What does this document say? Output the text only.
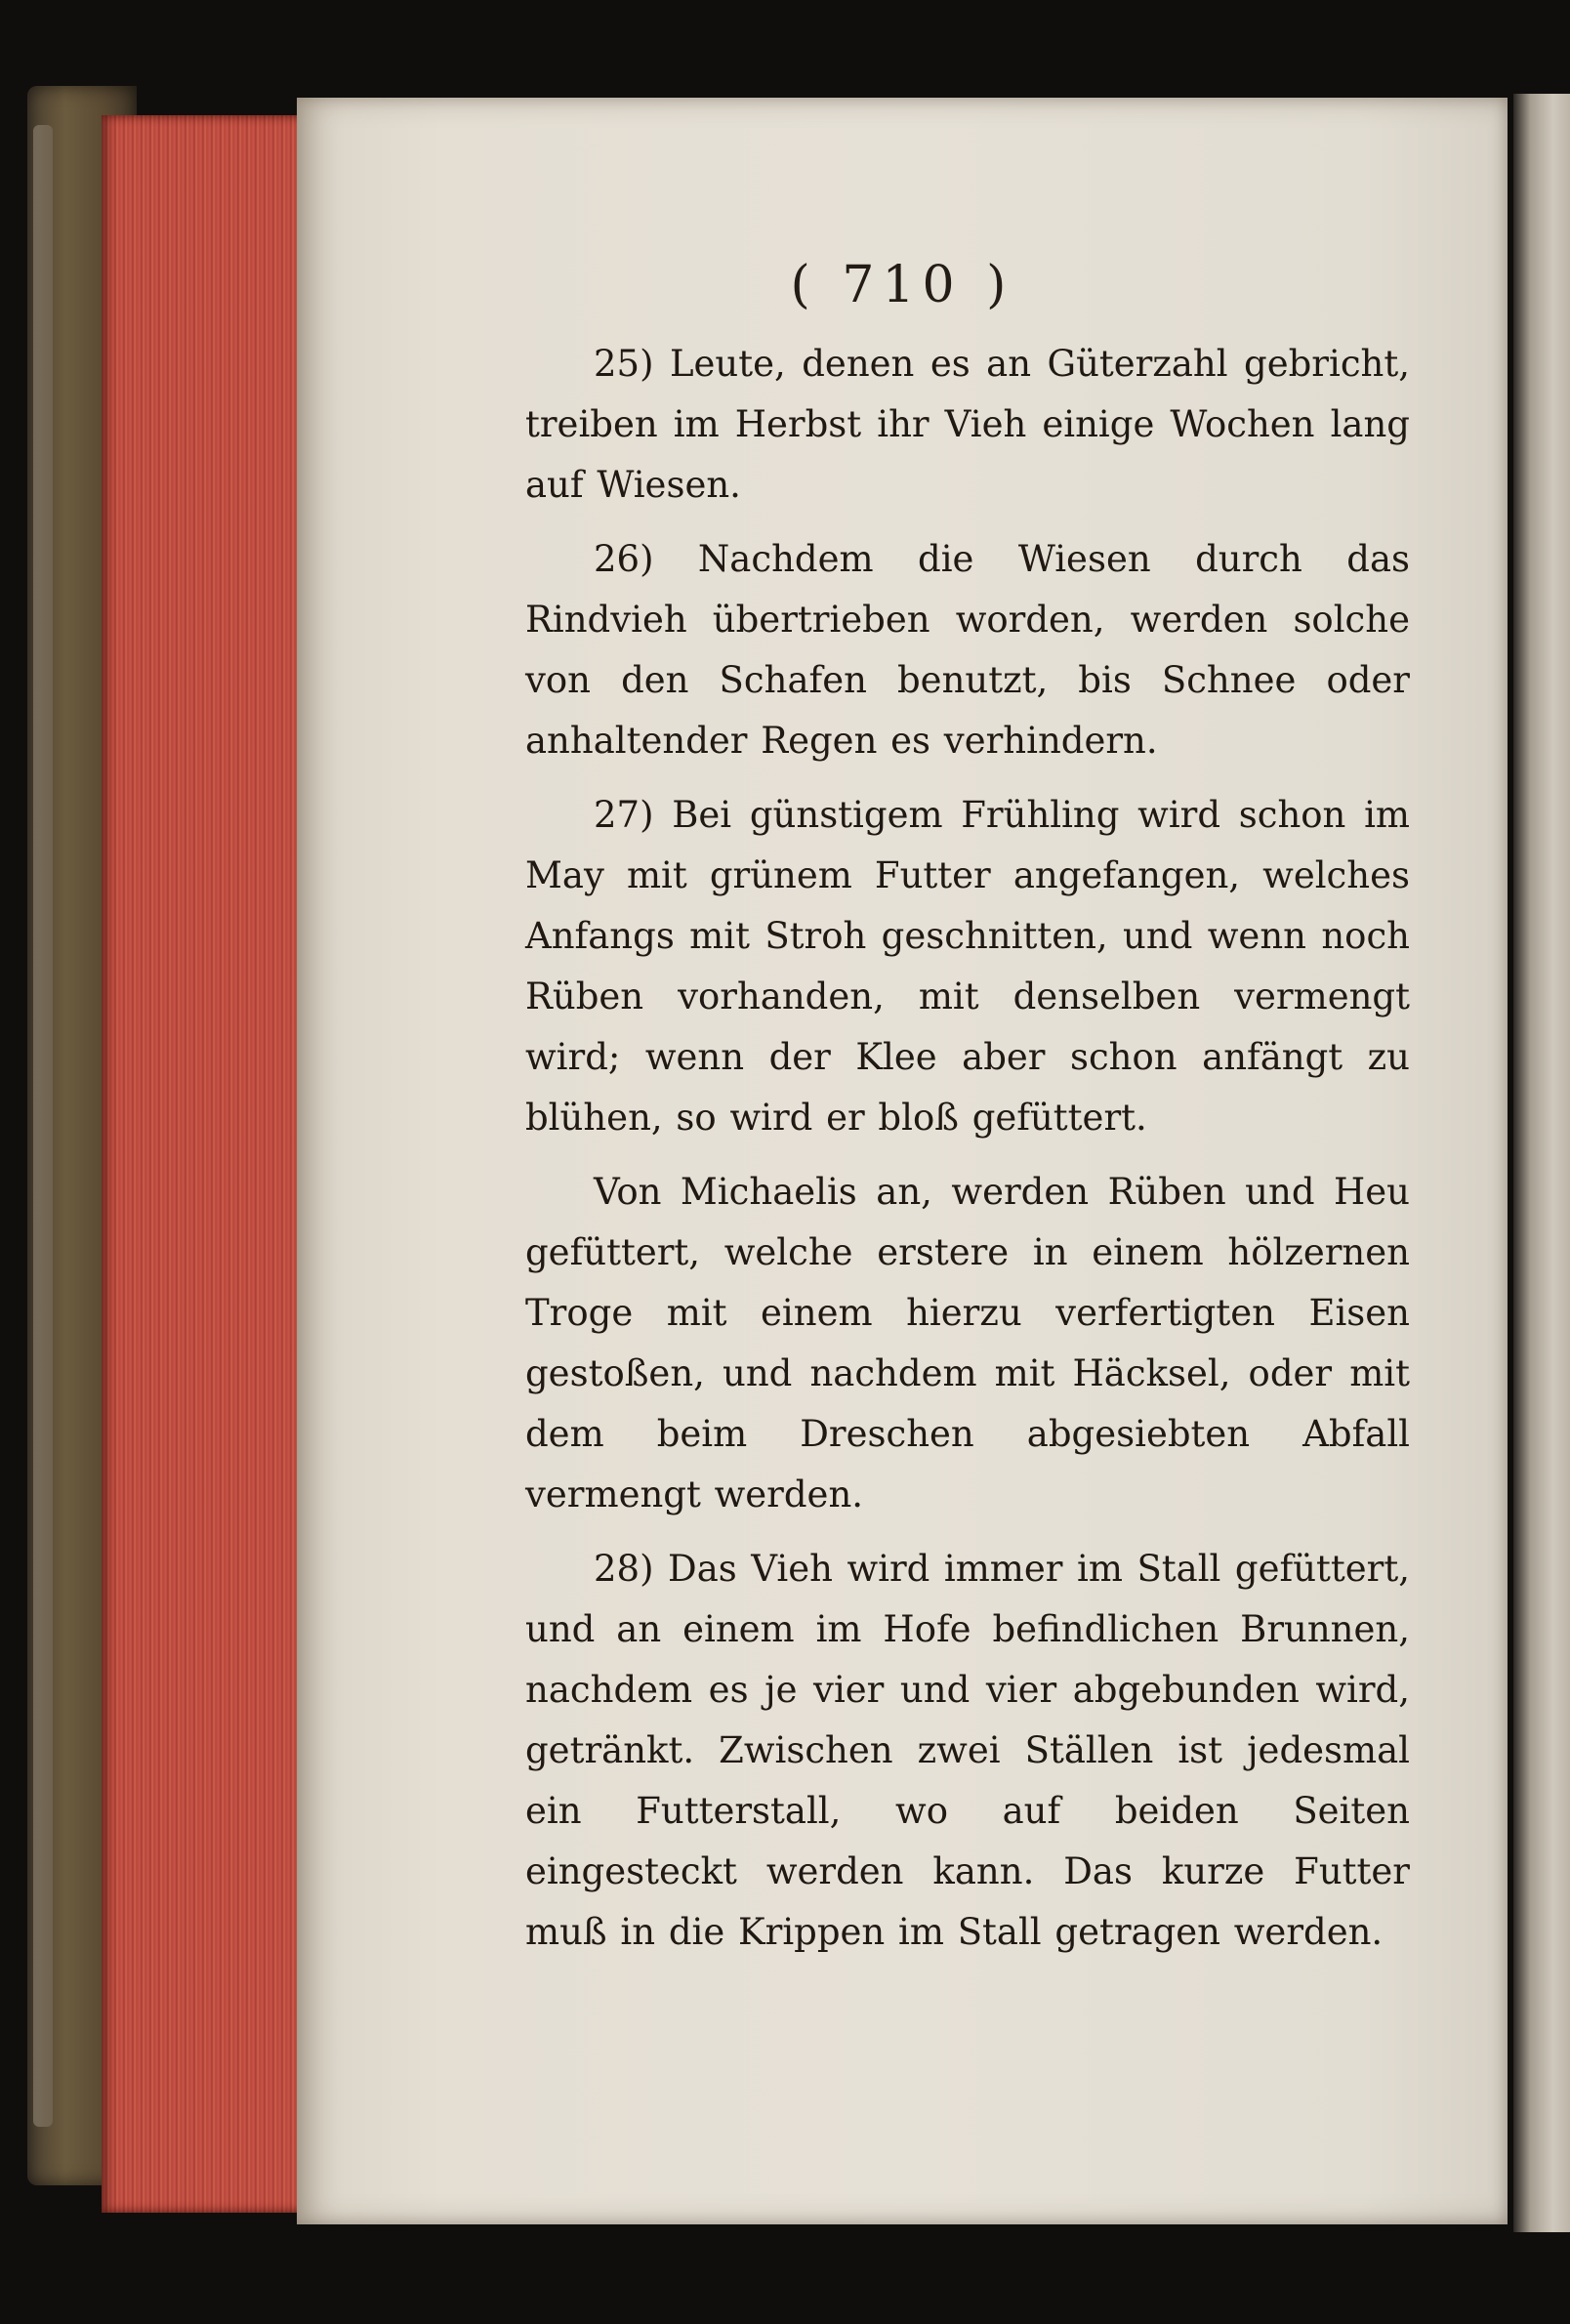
( 710 )

25) Leute, denen es an Güterzahl gebricht, treiben im Herbst ihr Vieh einige Wochen lang auf Wiesen.

26) Nachdem die Wiesen durch das Rindvieh übertrieben worden, werden solche von den Schafen benutzt, bis Schnee oder anhaltender Regen es verhindern.

27) Bei günstigem Frühling wird schon im May mit grünem Futter angefangen, welches Anfangs mit Stroh geschnitten, und wenn noch Rüben vorhanden, mit denselben vermengt wird; wenn der Klee aber schon anfängt zu blühen, so wird er bloß gefüttert.

Von Michaelis an, werden Rüben und Heu gefüttert, welche erstere in einem hölzernen Troge mit einem hierzu verfertigten Eisen gestoßen, und nachdem mit Häcksel, oder mit dem beim Dreschen abgesiebten Abfall vermengt werden.

28) Das Vieh wird immer im Stall gefüttert, und an einem im Hofe befindlichen Brunnen, nachdem es je vier und vier abgebunden wird, getränkt. Zwischen zwei Ställen ist jedesmal ein Futterstall, wo auf beiden Seiten eingesteckt werden kann. Das kurze Futter muß in die Krippen im Stall getragen werden.
